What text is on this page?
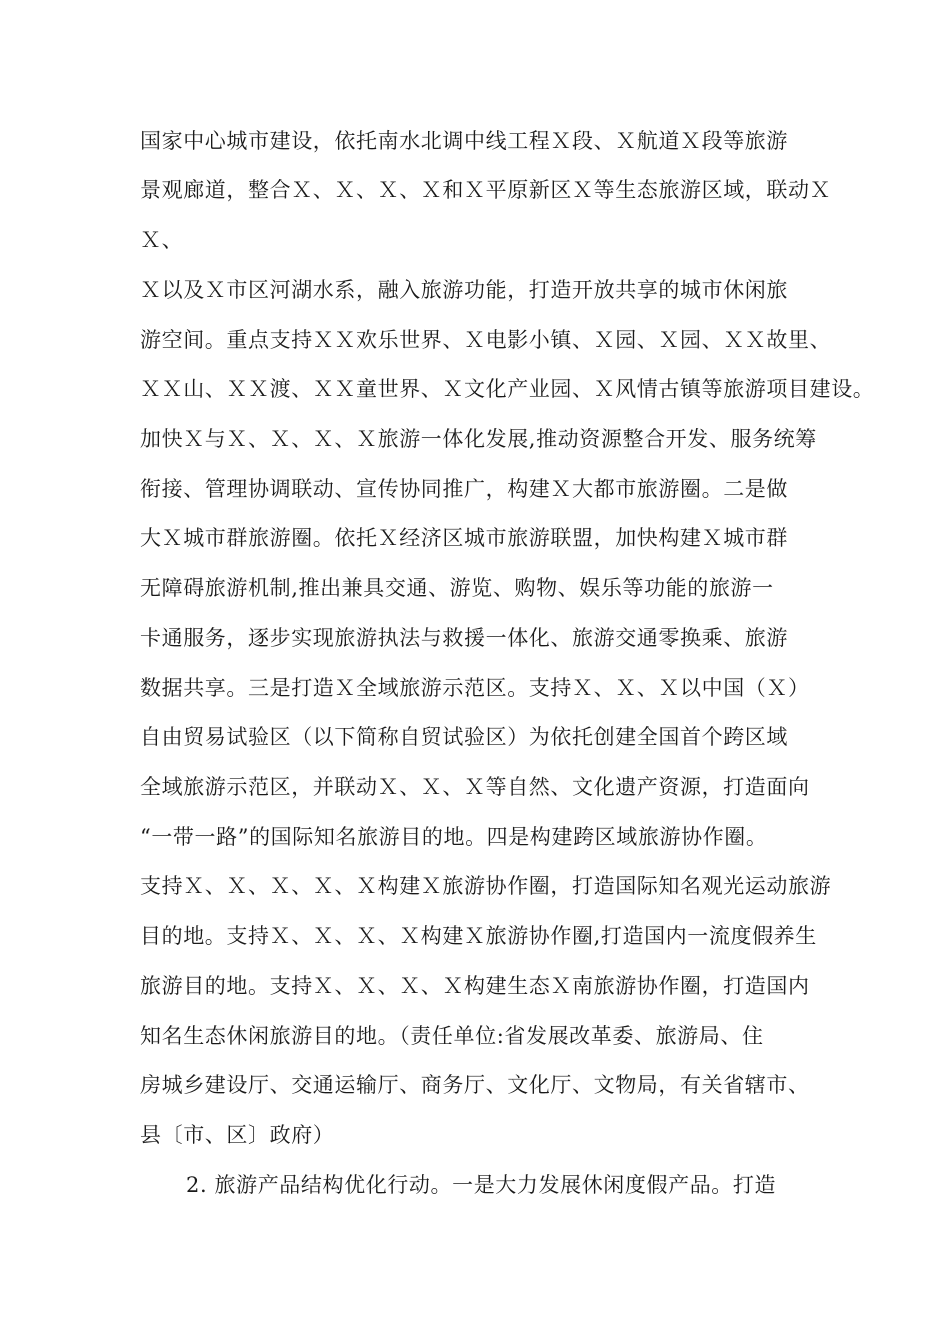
国家中心城市建设，依托南水北调中线工程Ｘ段、Ｘ航道Ｘ段等旅游
景观廊道，整合Ｘ、Ｘ、Ｘ、Ｘ和Ｘ平原新区Ｘ等生态旅游区域，联动Ｘ
Ｘ、
Ｘ以及Ｘ市区河湖水系，融入旅游功能，打造开放共享的城市休闲旅
游空间。重点支持ＸＸ欢乐世界、Ｘ电影小镇、Ｘ园、Ｘ园、ＸＸ故里、
ＸＸ山、ＸＸ渡、ＸＸ童世界、Ｘ文化产业园、Ｘ风情古镇等旅游项目建设。
加快Ｘ与Ｘ、Ｘ、Ｘ、Ｘ旅游一体化发展,推动资源整合开发、服务统筹
衔接、管理协调联动、宣传协同推广，构建Ｘ大都市旅游圈。二是做
大Ｘ城市群旅游圈。依托Ｘ经济区城市旅游联盟，加快构建Ｘ城市群
无障碍旅游机制,推出兼具交通、游览、购物、娱乐等功能的旅游一
卡通服务，逐步实现旅游执法与救援一体化、旅游交通零换乘、旅游
数据共享。三是打造Ｘ全域旅游示范区。支持Ｘ、Ｘ、Ｘ以中国（Ｘ）
自由贸易试验区（以下简称自贸试验区）为依托创建全国首个跨区域
全域旅游示范区，并联动Ｘ、Ｘ、Ｘ等自然、文化遗产资源，打造面向
“一带一路”的国际知名旅游目的地。四是构建跨区域旅游协作圈。
支持Ｘ、Ｘ、Ｘ、Ｘ、Ｘ构建Ｘ旅游协作圈，打造国际知名观光运动旅游
目的地。支持Ｘ、Ｘ、Ｘ、Ｘ构建Ｘ旅游协作圈,打造国内一流度假养生
旅游目的地。支持Ｘ、Ｘ、Ｘ、Ｘ构建生态Ｘ南旅游协作圈，打造国内
知名生态休闲旅游目的地。（责任单位:省发展改革委、旅游局、住
房城乡建设厅、交通运输厅、商务厅、文化厅、文物局，有关省辖市、
县〔市、区〕政府）
2. 旅游产品结构优化行动。一是大力发展休闲度假产品。打造
